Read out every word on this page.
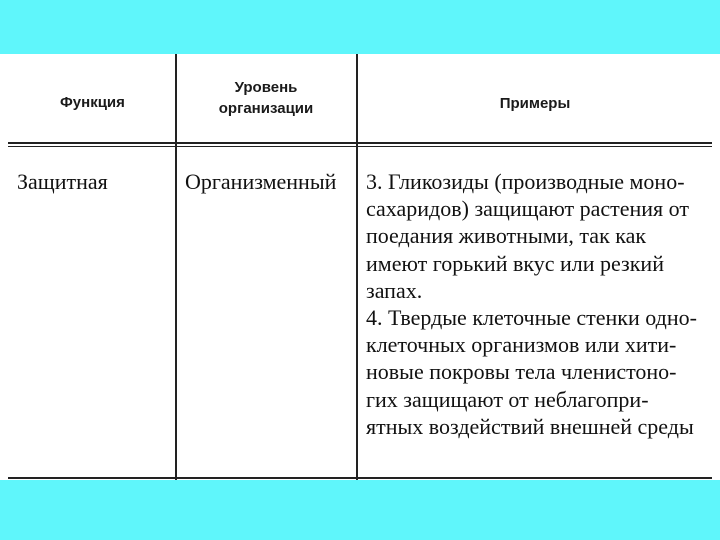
Функция
Уровень
организации	Примеры
Защитная	Организменный 3. Гликозиды (производные моно-
сахаридов) защищают растения от
поедания животными, так как
имеют горький вкус или резкий
запах.
4. Твердые клеточные стенки одно-
клеточных организмов или хити-
новые покровы тела членистоно-
гих защищают от неблагопри-
ятных воздействий внешней среды
